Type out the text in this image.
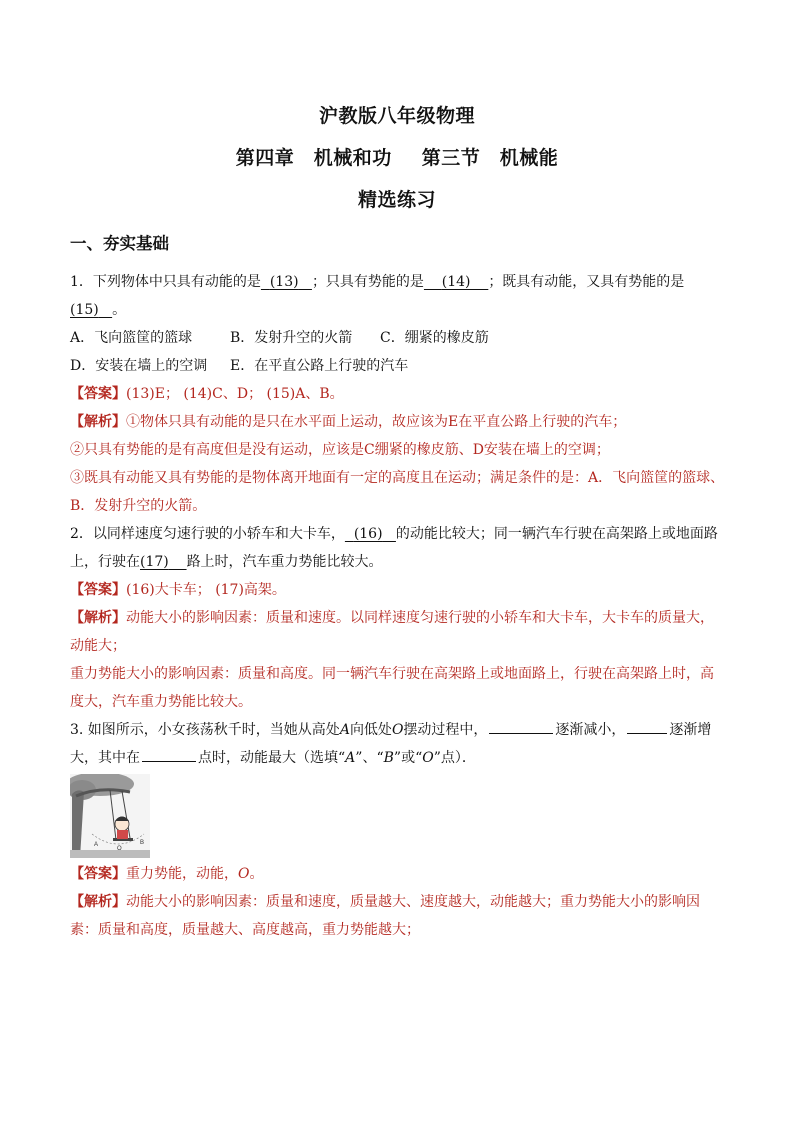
沪教版八年级物理
第四章　机械和功 第三节　机械能
精选练习
一、夯实基础

1．下列物体中只具有动能的是 (13) ；只具有势能的是 (14) ；既具有动能，又具有势能的是(15) 。

A．飞向篮筐的篮球	B．发射升空的火箭 C．绷紧的橡皮筋

D．安装在墙上的空调 E．在平直公路上行驶的汽车

【答案】(13)E； (14)C、D； (15)A、B。

【解析】①物体只具有动能的是只在水平面上运动，故应该为E在平直公路上行驶的汽车；

②只具有势能的是有高度但是没有运动，应该是C绷紧的橡皮筋、D安装在墙上的空调；

③既具有动能又具有势能的是物体离开地面有一定的高度且在运动；满足条件的是：A．飞向篮筐的篮球、B．发射升空的火箭。

2．以同样速度匀速行驶的小轿车和大卡车， (16) 的动能比较大；同一辆汽车行驶在高架路上或地面路上，行驶在(17) 路上时，汽车重力势能比较大。

【答案】(16)大卡车； (17)高架。

【解析】动能大小的影响因素：质量和速度。以同样速度匀速行驶的小轿车和大卡车，大卡车的质量大，动能大；

重力势能大小的影响因素：质量和高度。同一辆汽车行驶在高架路上或地面路上，行驶在高架路上时，高度大，汽车重力势能比较大。

3. 如图所示，小女孩荡秋千时，当她从高处A向低处O摆动过程中，	逐渐减小，	逐渐增大，其中在	点时，动能最大（选填“A”、“B”或“O”点）．

A
O
B

【答案】重力势能，动能，O。

【解析】动能大小的影响因素：质量和速度，质量越大、速度越大，动能越大；重力势能大小的影响因素：质量和高度，质量越大、高度越高，重力势能越大；
